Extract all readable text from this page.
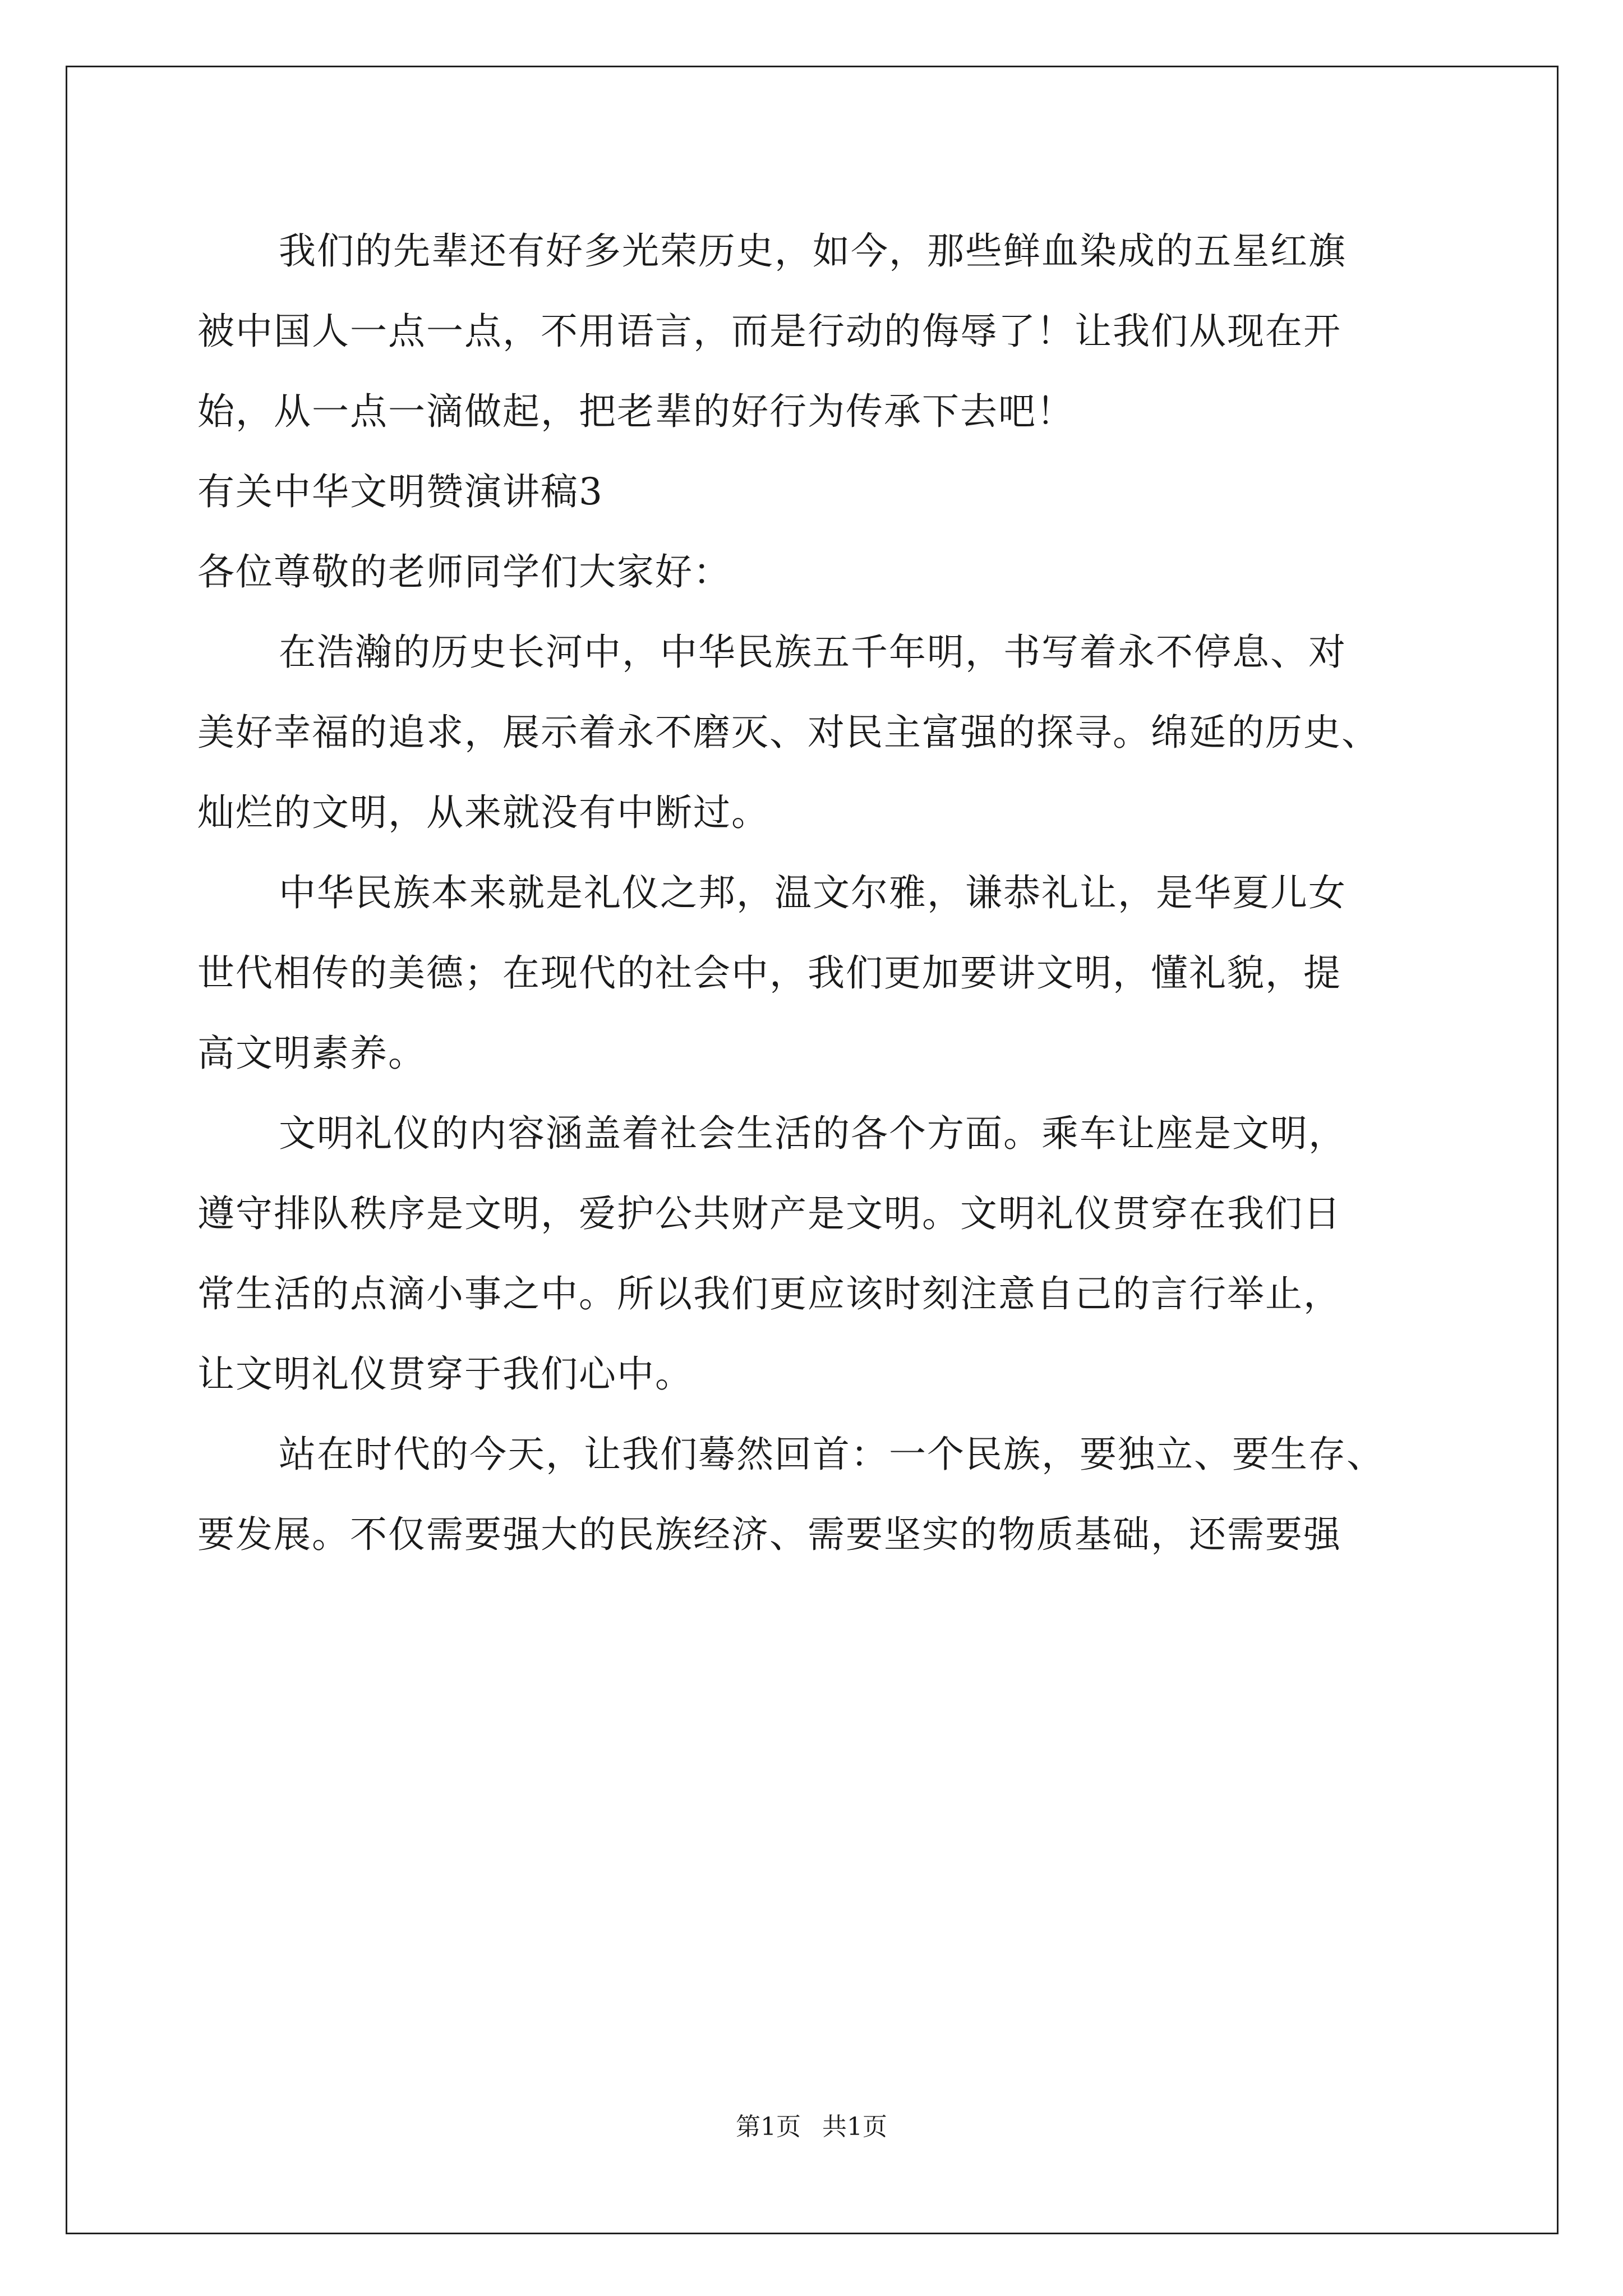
我们的先辈还有好多光荣历史，如今，那些鲜血染成的五星红旗
被中国人一点一点，不用语言，而是行动的侮辱了！让我们从现在开
始，从一点一滴做起，把老辈的好行为传承下去吧！
有关中华文明赞演讲稿3
各位尊敬的老师同学们大家好：
在浩瀚的历史长河中，中华民族五千年明，书写着永不停息、对
美好幸福的追求，展示着永不磨灭、对民主富强的探寻。绵延的历史、
灿烂的文明，从来就没有中断过。
中华民族本来就是礼仪之邦，温文尔雅，谦恭礼让，是华夏儿女
世代相传的美德；在现代的社会中，我们更加要讲文明，懂礼貌，提
高文明素养。
文明礼仪的内容涵盖着社会生活的各个方面。乘车让座是文明，
遵守排队秩序是文明，爱护公共财产是文明。文明礼仪贯穿在我们日
常生活的点滴小事之中。所以我们更应该时刻注意自己的言行举止，
让文明礼仪贯穿于我们心中。
站在时代的今天，让我们蓦然回首：一个民族，要独立、要生存、
要发展。不仅需要强大的民族经济、需要坚实的物质基础，还需要强
第1页 共1页
